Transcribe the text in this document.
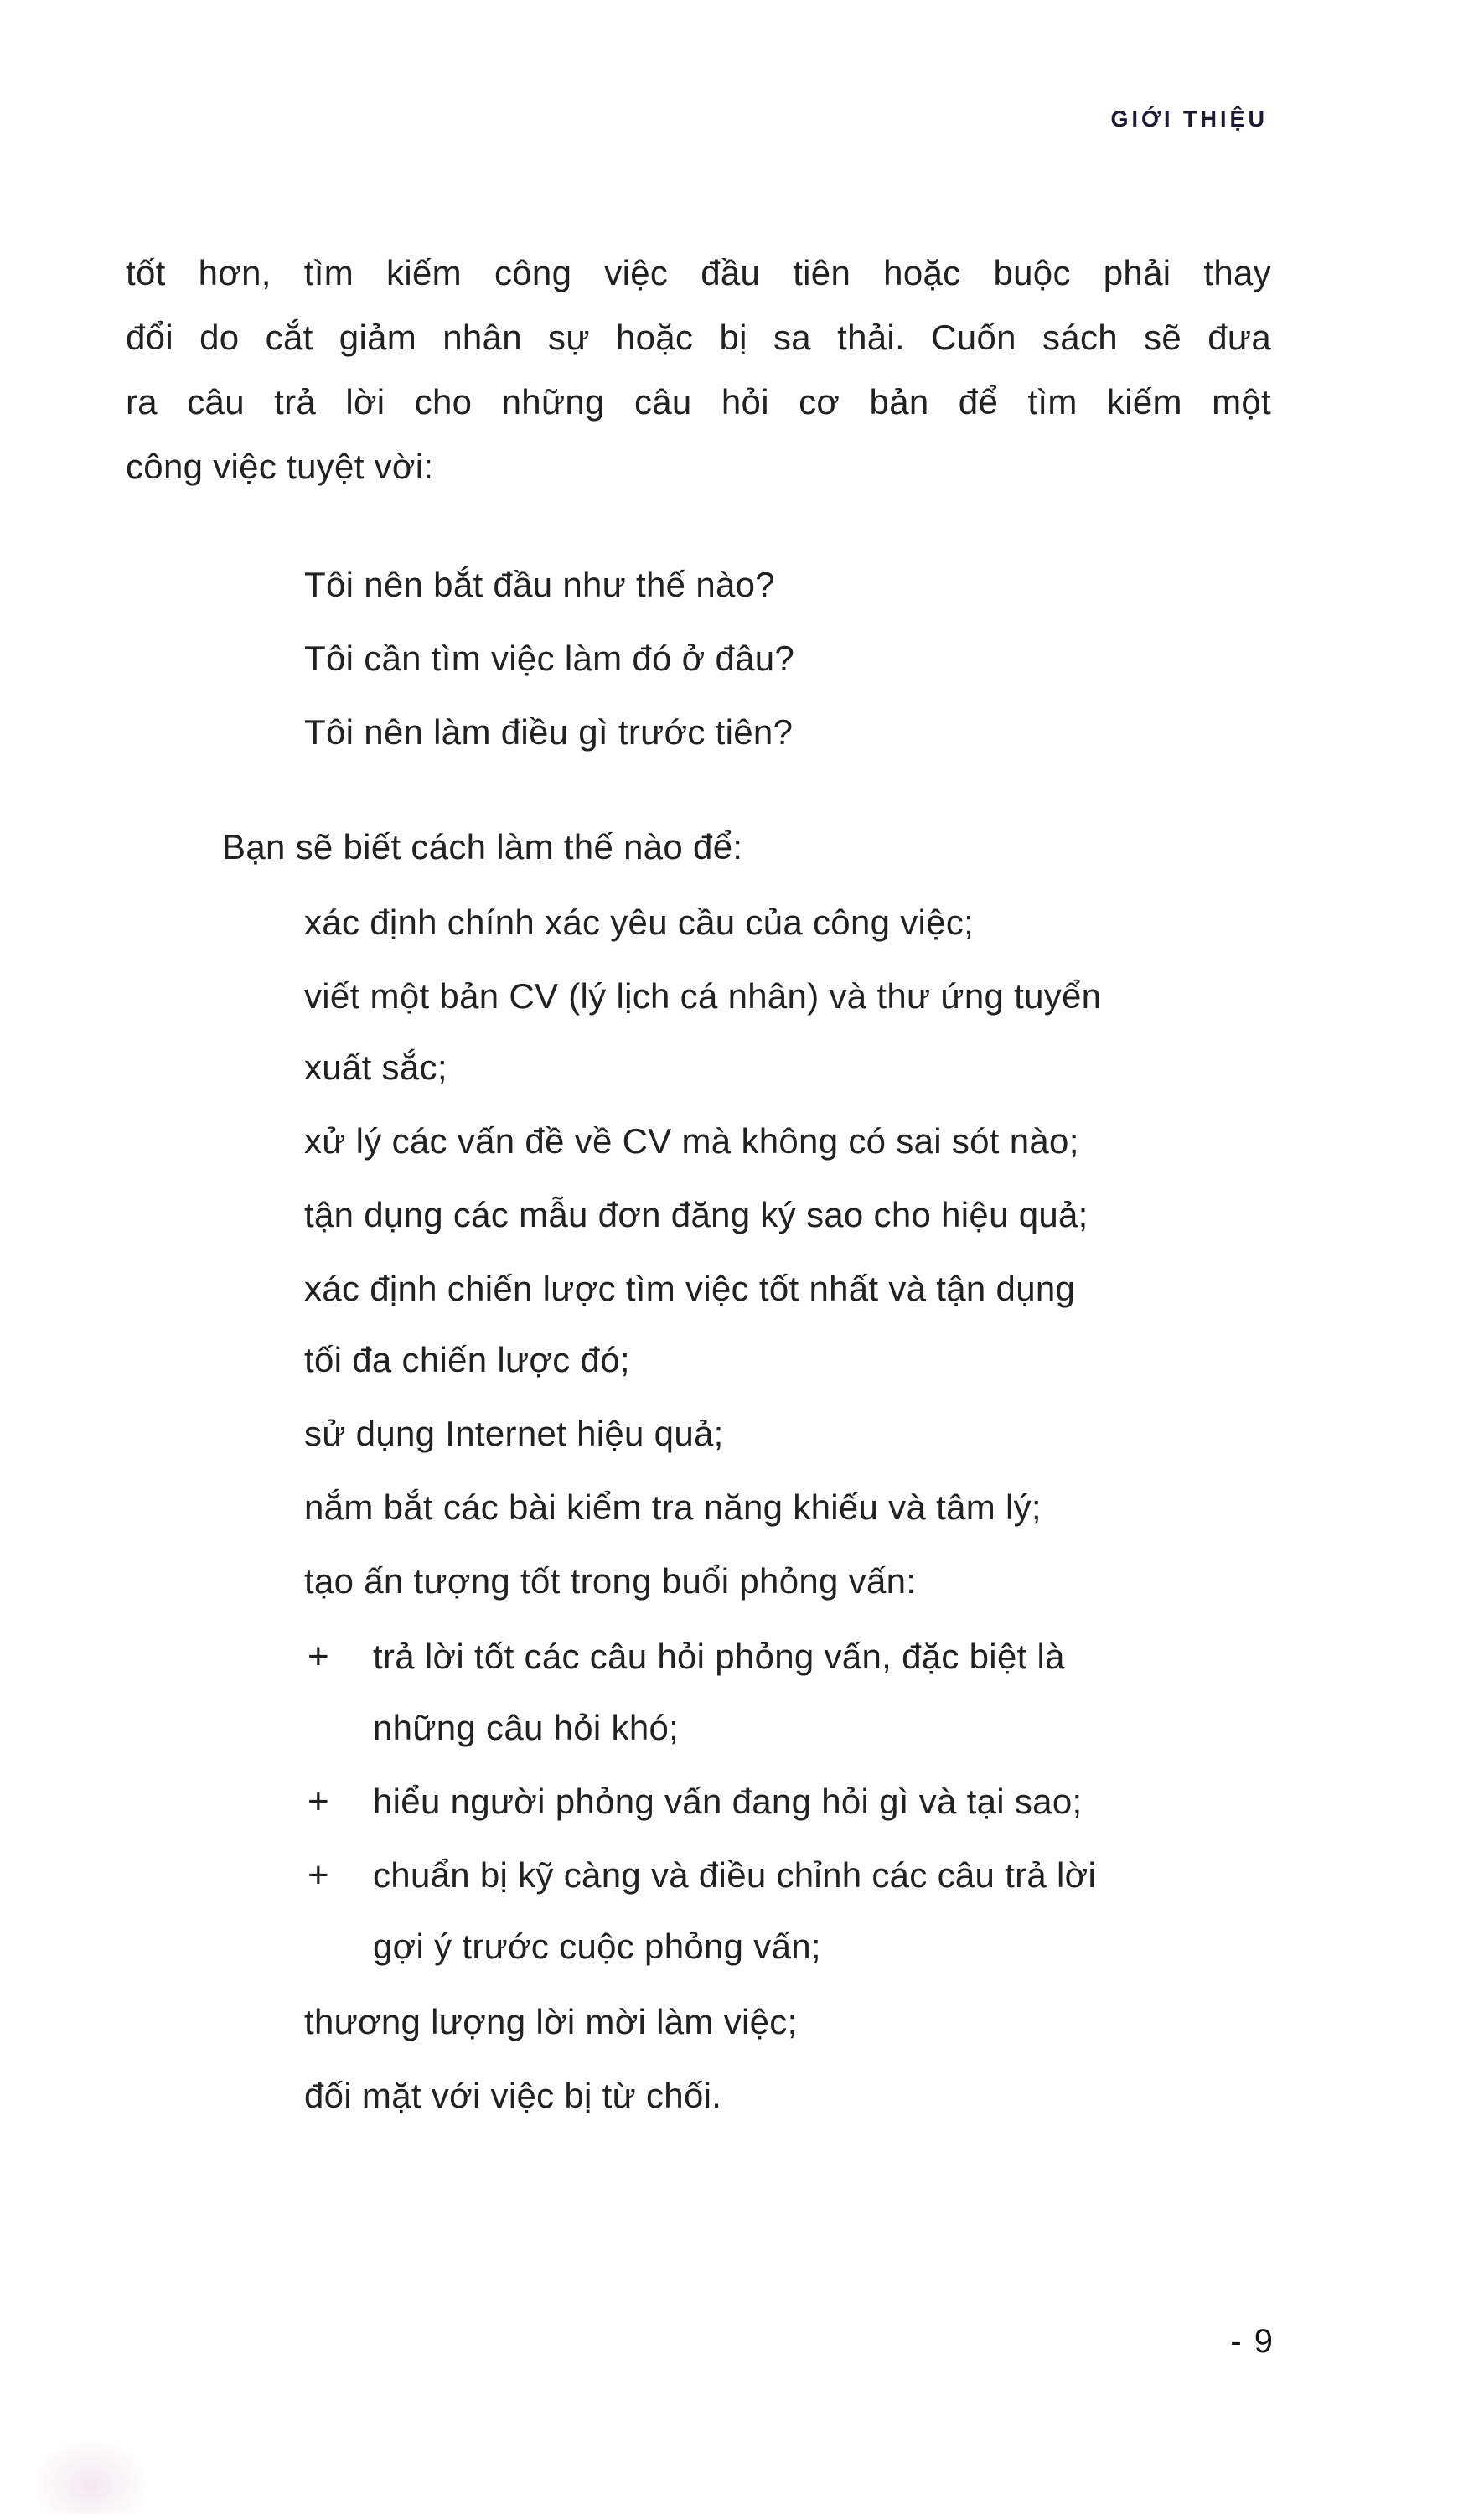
GIỚI THIỆU
tốt hơn, tìm kiếm công việc đầu tiên hoặc buộc phải thay
đổi do cắt giảm nhân sự hoặc bị sa thải. Cuốn sách sẽ đưa
ra câu trả lời cho những câu hỏi cơ bản để tìm kiếm một
công việc tuyệt vời:
Tôi nên bắt đầu như thế nào?
Tôi cần tìm việc làm đó ở đâu?
Tôi nên làm điều gì trước tiên?
Bạn sẽ biết cách làm thế nào để:
xác định chính xác yêu cầu của công việc;
viết một bản CV (lý lịch cá nhân) và thư ứng tuyển
xuất sắc;
xử lý các vấn đề về CV mà không có sai sót nào;
tận dụng các mẫu đơn đăng ký sao cho hiệu quả;
xác định chiến lược tìm việc tốt nhất và tận dụng
tối đa chiến lược đó;
sử dụng Internet hiệu quả;
nắm bắt các bài kiểm tra năng khiếu và tâm lý;
tạo ấn tượng tốt trong buổi phỏng vấn:
+	trả lời tốt các câu hỏi phỏng vấn, đặc biệt là
những câu hỏi khó;
+	hiểu người phỏng vấn đang hỏi gì và tại sao;
+	chuẩn bị kỹ càng và điều chỉnh các câu trả lời
gợi ý trước cuộc phỏng vấn;
thương lượng lời mời làm việc;
đối mặt với việc bị từ chối.
- 9
